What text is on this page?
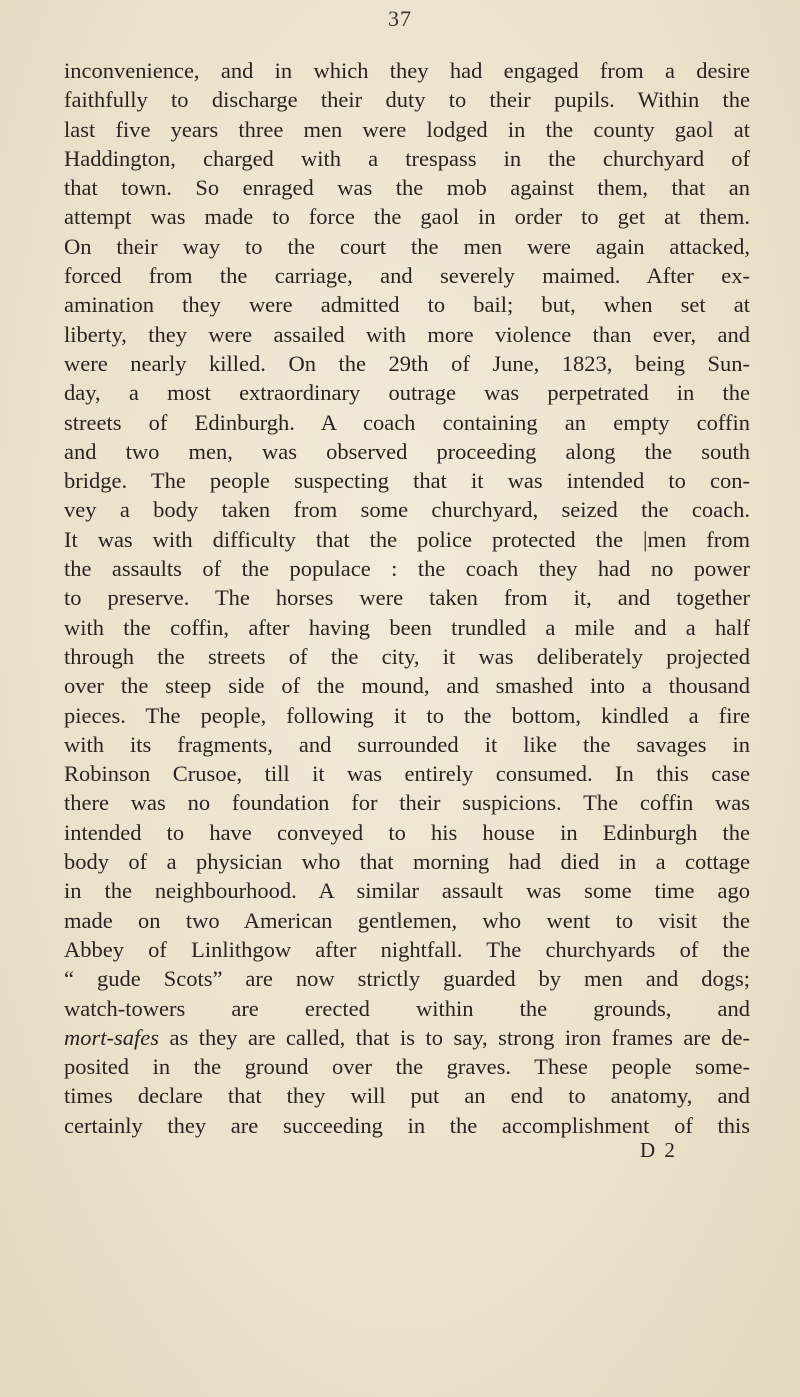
37
inconvenience, and in which they had engaged from a desire
faithfully to discharge their duty to their pupils. Within the
last five years three men were lodged in the county gaol at
Haddington, charged with a trespass in the churchyard of
that town. So enraged was the mob against them, that an
attempt was made to force the gaol in order to get at them.
On their way to the court the men were again attacked,
forced from the carriage, and severely maimed. After ex-
amination they were admitted to bail; but, when set at
liberty, they were assailed with more violence than ever, and
were nearly killed. On the 29th of June, 1823, being Sun-
day, a most extraordinary outrage was perpetrated in the
streets of Edinburgh. A coach containing an empty coffin
and two men, was observed proceeding along the south
bridge. The people suspecting that it was intended to con-
vey a body taken from some churchyard, seized the coach.
It was with difficulty that the police protected the |men from
the assaults of the populace : the coach they had no power
to preserve. The horses were taken from it, and together
with the coffin, after having been trundled a mile and a half
through the streets of the city, it was deliberately projected
over the steep side of the mound, and smashed into a thousand
pieces. The people, following it to the bottom, kindled a fire
with its fragments, and surrounded it like the savages in
Robinson Crusoe, till it was entirely consumed. In this case
there was no foundation for their suspicions. The coffin was
intended to have conveyed to his house in Edinburgh the
body of a physician who that morning had died in a cottage
in the neighbourhood. A similar assault was some time ago
made on two American gentlemen, who went to visit the
Abbey of Linlithgow after nightfall. The churchyards of the
“ gude Scots” are now strictly guarded by men and dogs;
watch-towers are erected within the grounds, and
mort-safes as they are called, that is to say, strong iron frames are de-
posited in the ground over the graves. These people some-
times declare that they will put an end to anatomy, and
certainly they are succeeding in the accomplishment of this
D 2
